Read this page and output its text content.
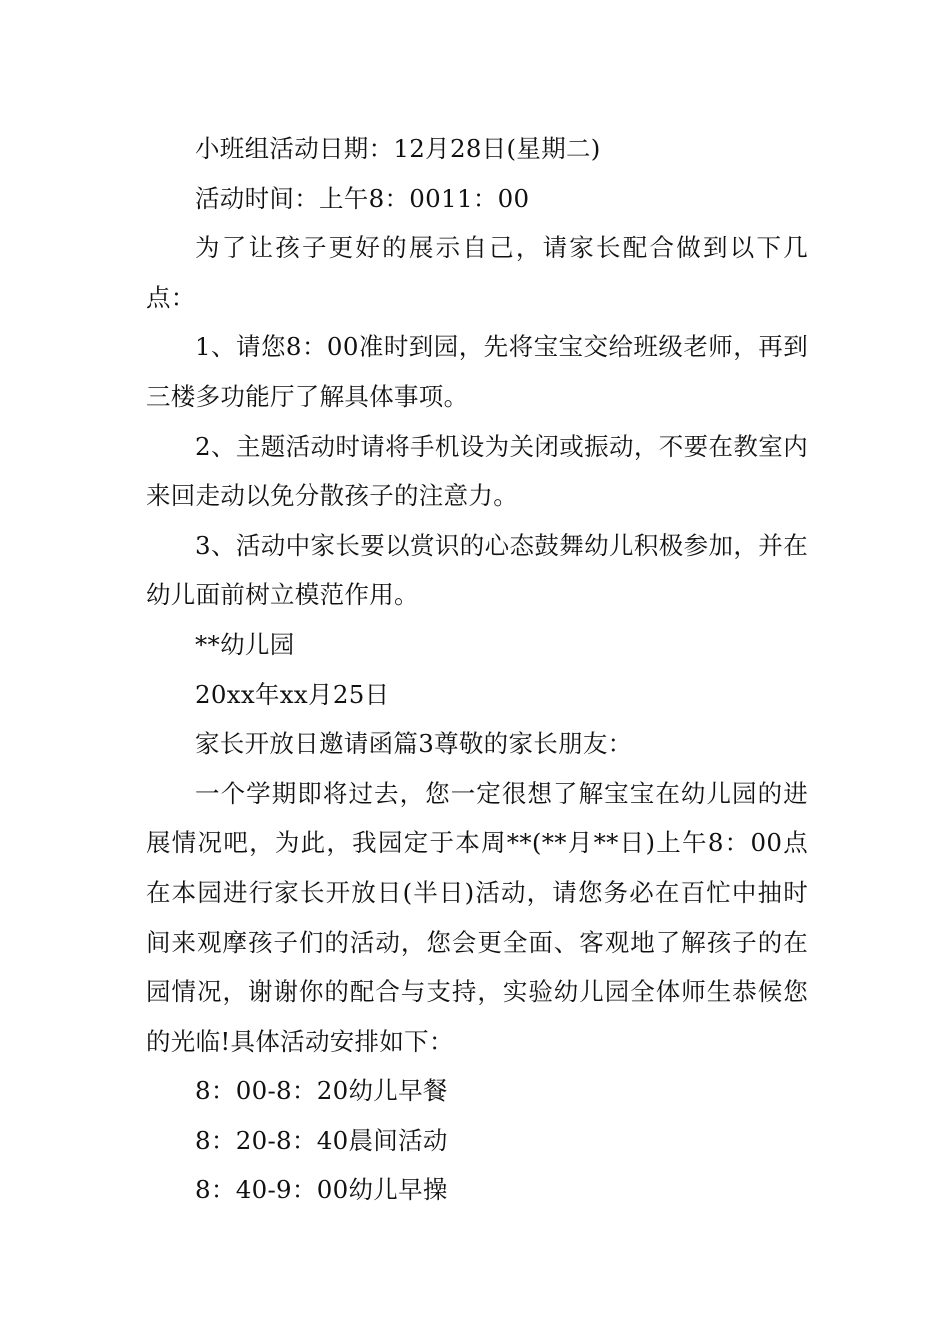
小班组活动日期：12月28日(星期二)

活动时间：上午8：0011：00

为了让孩子更好的展示自己，请家长配合做到以下几点：

1、请您8：00准时到园，先将宝宝交给班级老师，再到三楼多功能厅了解具体事项。

2、主题活动时请将手机设为关闭或振动，不要在教室内来回走动以免分散孩子的注意力。

3、活动中家长要以赏识的心态鼓舞幼儿积极参加，并在幼儿面前树立模范作用。

**幼儿园

20xx年xx月25日

家长开放日邀请函篇3尊敬的家长朋友：

一个学期即将过去，您一定很想了解宝宝在幼儿园的进展情况吧，为此，我园定于本周**(**月**日)上午8：00点在本园进行家长开放日(半日)活动，请您务必在百忙中抽时间来观摩孩子们的活动，您会更全面、客观地了解孩子的在园情况，谢谢你的配合与支持，实验幼儿园全体师生恭候您的光临!具体活动安排如下：

8：00-8：20幼儿早餐

8：20-8：40晨间活动

8：40-9：00幼儿早操
